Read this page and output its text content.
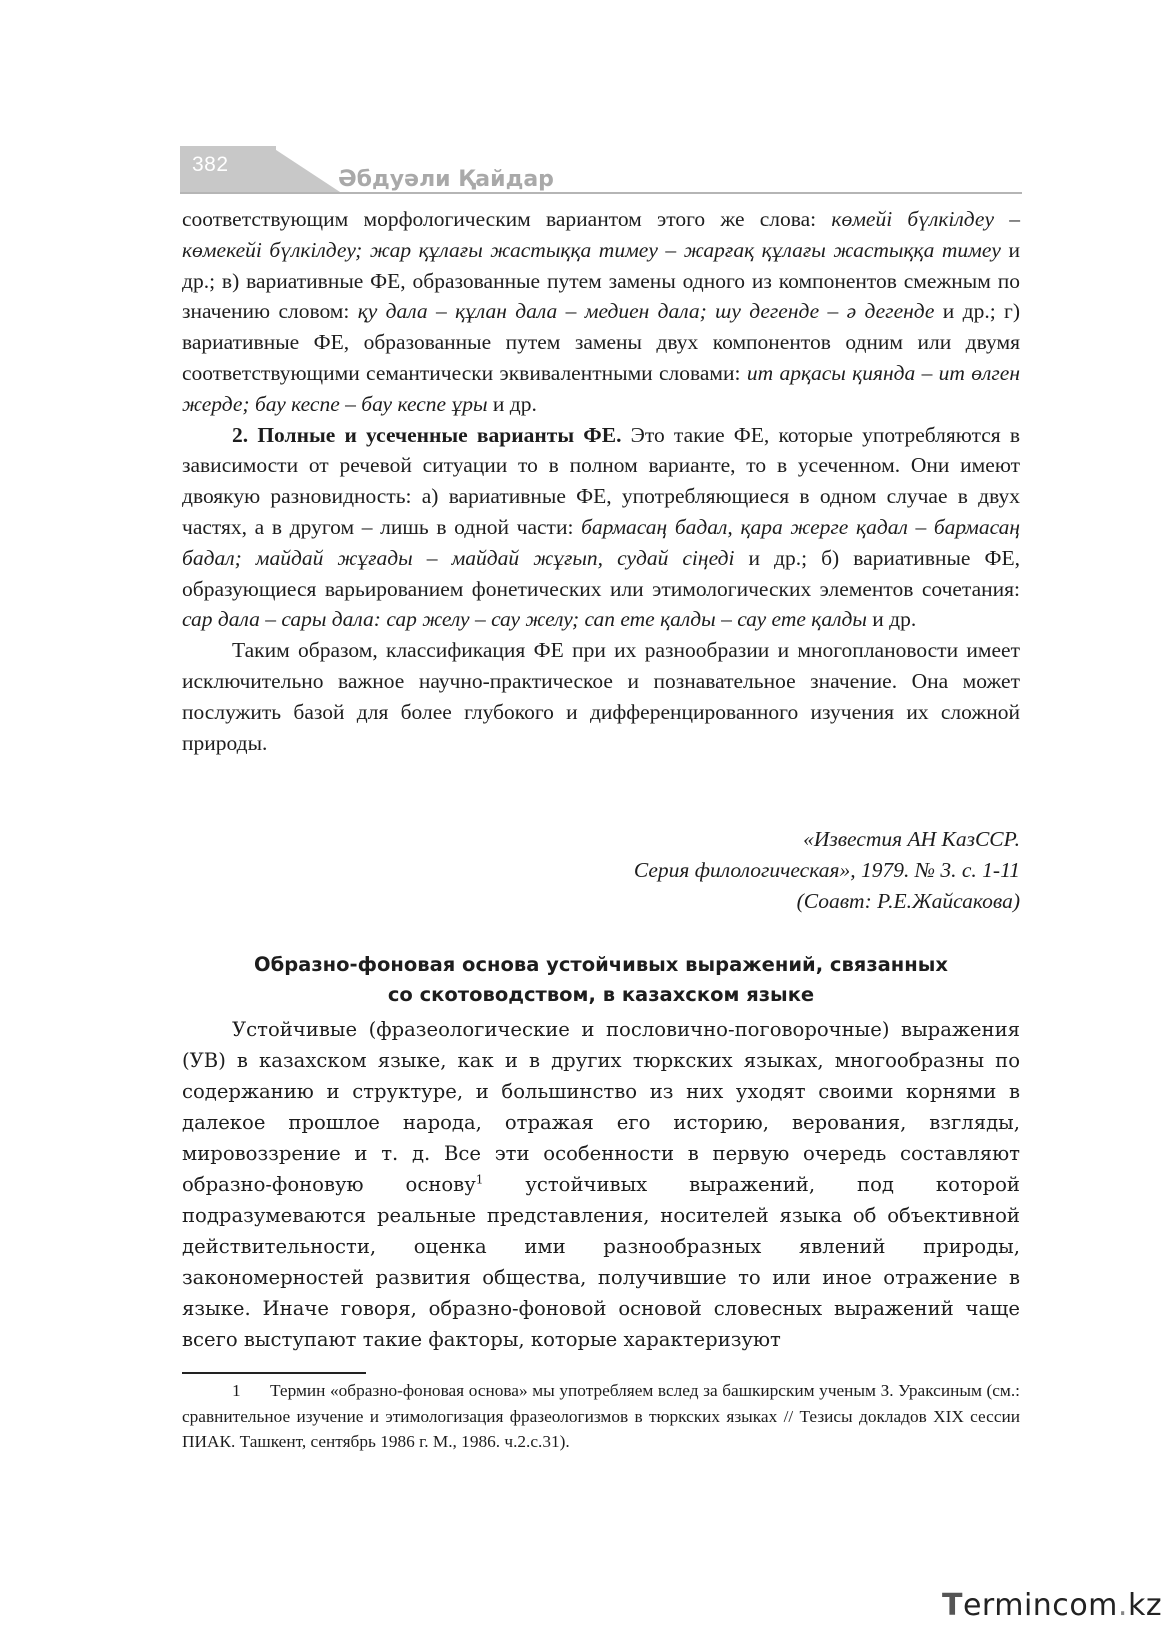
382
Әбдуәли Қайдар

соответствующим морфологическим вариантом этого же слова: көмейі бүлкілдеу – көмекейі бүлкілдеу; жар құлағы жастыққа тимеу – жарғақ құлағы жастыққа тимеу и др.; в) вариативные ФЕ, образованные путем замены одного из компонентов смежным по значению словом: қу дала – құлан дала – медиен дала; шу дегенде – ә дегенде и др.; г) вариативные ФЕ, образованные путем замены двух компонентов одним или двумя соответствующими семантически эквивалентными словами: ит арқасы қиянда – ит өлген жерде; бау кеспе – бау кеспе ұры и др.

2. Полные и усеченные варианты ФЕ. Это такие ФЕ, которые употребляются в зависимости от речевой ситуации то в полном варианте, то в усеченном. Они имеют двоякую разновидность: а) вариативные ФЕ, употребляющиеся в одном случае в двух частях, а в другом – лишь в одной части: бармасаң бадал, қара жерге қадал – бармасаң бадал; майдай жұғады – майдай жұғып, судай сіңеді и др.; б) вариативные ФЕ, образующиеся варьированием фонетических или этимологических элементов сочетания: сар дала – сары дала: сар желу – сау желу; сап ете қалды – сау ете қалды и др.

Таким образом, классификация ФЕ при их разнообразии и многоплановости имеет исключительно важное научно-практическое и познавательное значение. Она может послужить базой для более глубокого и дифференцированного изучения их сложной природы.

«Известия АН КазССР.
Серия филологическая», 1979. № 3. с. 1-11
(Соавт: Р.Е.Жайсакова)
Образно-фоновая основа устойчивых выражений, связанных
со скотоводством, в казахском языке

Устойчивые (фразеологические и пословично-поговорочные) выражения (УВ) в казахском языке, как и в других тюркских языках, многообразны по содержанию и структуре, и большинство из них уходят своими корнями в далекое прошлое народа, отражая его историю, верования, взгляды, мировоззрение и т. д. Все эти особенности в первую очередь составляют образно-фоновую основу$^1$ устойчивых выражений, под которой подразумеваются реальные представления, носителей языка об объективной действительности, оценка ими разнообразных явлений природы, закономерностей развития общества, получившие то или иное отражение в языке. Иначе говоря, образно-фоновой основой словесных выражений чаще всего выступают такие факторы, которые характеризуют

1 Термин «образно-фоновая основа» мы употребляем вслед за башкирским ученым З. Ураксиным (см.: сравнительное изучение и этимологизация фразеологизмов в тюркских языках // Тезисы докладов XIX сессии ПИАК. Ташкент, сентябрь 1986 г. М., 1986. ч.2.с.31).
Termincom.kz
